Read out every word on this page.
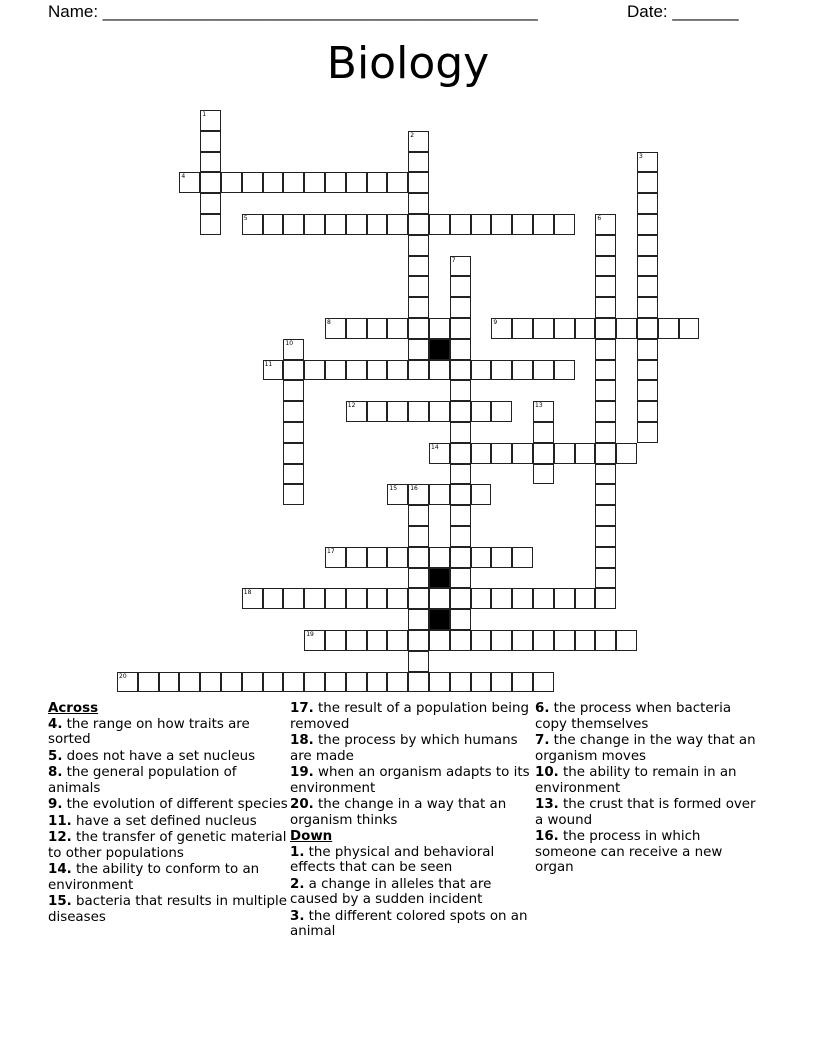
Name: ______________________________________________	Date: _______
Biology
1
2
3
4
5	6
7
8	9
10
11
12	13
14
15 16
17
18
19
20
Across
4. the range on how traits are sorted
5. does not have a set nucleus
8. the general population of animals
9. the evolution of different species
11. have a set defined nucleus
12. the transfer of genetic material to other populations
14. the ability to conform to an environment
15. bacteria that results in multiple diseases
17. the result of a population being removed
18. the process by which humans are made
19. when an organism adapts to its environment
20. the change in a way that an organism thinks
Down
1. the physical and behavioral effects that can be seen
2. a change in alleles that are caused by a sudden incident
3. the different colored spots on an animal
6. the process when bacteria copy themselves
7. the change in the way that an organism moves
10. the ability to remain in an environment
13. the crust that is formed over a wound
16. the process in which someone can receive a new organ
